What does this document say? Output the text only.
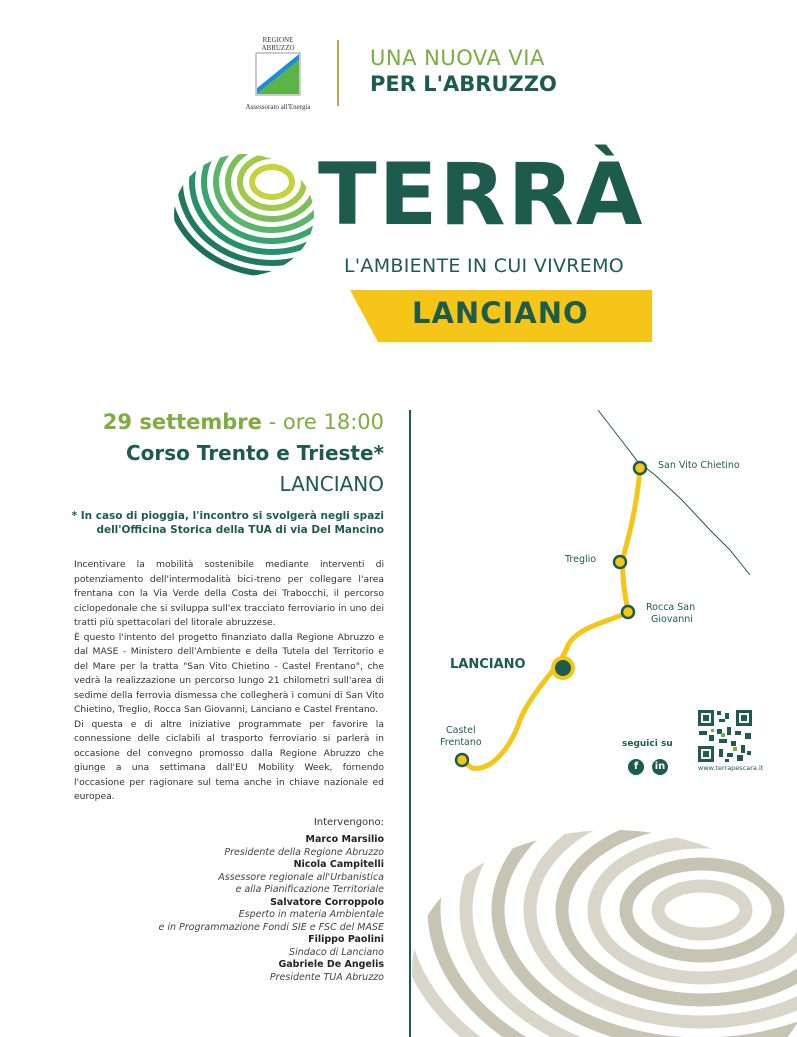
REGIONE
ABRUZZO
Assessorato all'Energia
UNA NUOVA VIA
PER L'ABRUZZO
TERRÀ
L'AMBIENTE IN CUI VIVREMO
LANCIANO
29 settembre - ore 18:00
Corso Trento e Trieste*
LANCIANO
* In caso di pioggia, l'incontro si svolgerà negli spazi
dell'Officina Storica della TUA di via Del Mancino

Incentivare la mobilità sostenibile mediante interventi di potenziamento dell'intermodalità bici-treno per collegare l'area frentana con la Via Verde della Costa dei Trabocchi, il percorso ciclopedonale che si sviluppa sull'ex tracciato ferroviario in uno dei tratti più spettacolari del litorale abruzzese.

È questo l'intento del progetto finanziato dalla Regione Abruzzo e dal MASE - Ministero dell'Ambiente e della Tutela del Territorio e del Mare per la tratta "San Vito Chietino - Castel Frentano", che vedrà la realizzazione un percorso lungo 21 chilometri sull'area di sedime della ferrovia dismessa che collegherà i comuni di San Vito Chietino, Treglio, Rocca San Giovanni, Lanciano e Castel Frentano.

Di questa e di altre iniziative programmate per favorire la connessione delle ciclabili al trasporto ferroviario si parlerà in occasione del convegno promosso dalla Regione Abruzzo che giunge a una settimana dall'EU Mobility Week, fornendo l'occasione per ragionare sul tema anche in chiave nazionale ed europea.

Intervengono:
Marco Marsilio
Presidente della Regione Abruzzo
Nicola Campitelli
Assessore regionale all'Urbanistica
e alla Pianificazione Territoriale
Salvatore Corroppolo
Esperto in materia Ambientale
e in Programmazione Fondi SIE e FSC del MASE
Filippo Paolini
Sindaco di Lanciano
Gabriele De Angelis
Presidente TUA Abruzzo
San Vito Chietino
Treglio
Rocca San
Giovanni
LANCIANO
Castel
Frentano	seguici su
f	in	www.terrapescara.it
